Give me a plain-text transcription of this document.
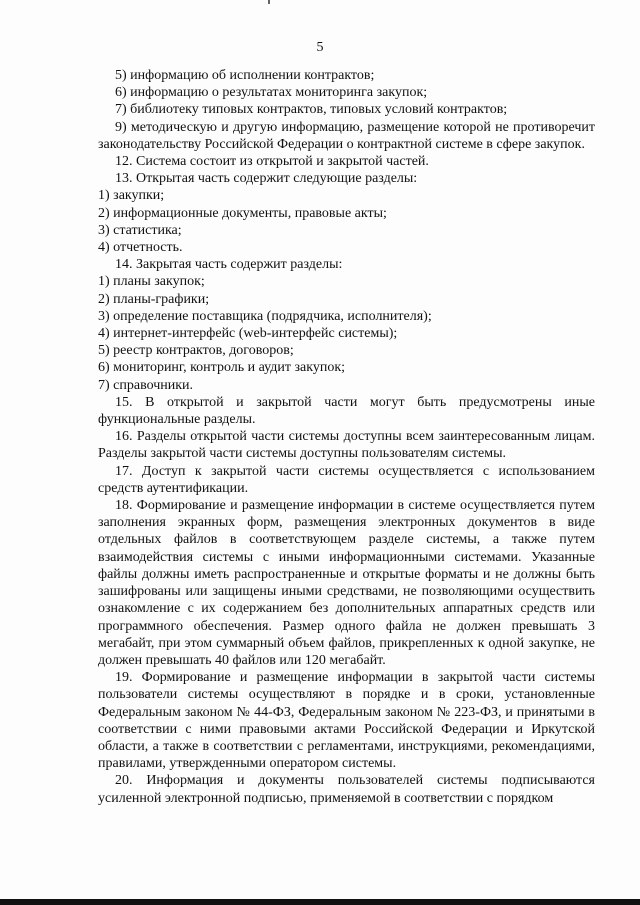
5

5) информацию об исполнении контрактов;

6) информацию о результатах мониторинга закупок;

7) библиотеку типовых контрактов, типовых условий контрактов;

9) методическую и другую информацию, размещение которой не противоречит законодательству Российской Федерации о контрактной системе в сфере закупок.

12. Система состоит из открытой и закрытой частей.

13. Открытая часть содержит следующие разделы:

1) закупки;

2) информационные документы, правовые акты;

3) статистика;

4) отчетность.

14. Закрытая часть содержит разделы:

1) планы закупок;

2) планы-графики;

3) определение поставщика (подрядчика, исполнителя);

4) интернет-интерфейс (web-интерфейс системы);

5) реестр контрактов, договоров;

6) мониторинг, контроль и аудит закупок;

7) справочники.

15. В открытой и закрытой части могут быть предусмотрены иные функциональные разделы.

16. Разделы открытой части системы доступны всем заинтересованным лицам. Разделы закрытой части системы доступны пользователям системы.

17. Доступ к закрытой части системы осуществляется с использованием средств аутентификации.

18. Формирование и размещение информации в системе осуществляется путем заполнения экранных форм, размещения электронных документов в виде отдельных файлов в соответствующем разделе системы, а также путем взаимодействия системы с иными информационными системами. Указанные файлы должны иметь распространенные и открытые форматы и не должны быть зашифрованы или защищены иными средствами, не позволяющими осуществить ознакомление с их содержанием без дополнительных аппаратных средств или программного обеспечения. Размер одного файла не должен превышать 3 мегабайт, при этом суммарный объем файлов, прикрепленных к одной закупке, не должен превышать 40 файлов или 120 мегабайт.

19. Формирование и размещение информации в закрытой части системы пользователи системы осуществляют в порядке и в сроки, установленные Федеральным законом № 44-ФЗ, Федеральным законом № 223-ФЗ, и принятыми в соответствии с ними правовыми актами Российской Федерации и Иркутской области, а также в соответствии с регламентами, инструкциями, рекомендациями, правилами, утвержденными оператором системы.

20. Информация и документы пользователей системы подписываются усиленной электронной подписью, применяемой в соответствии с порядком
